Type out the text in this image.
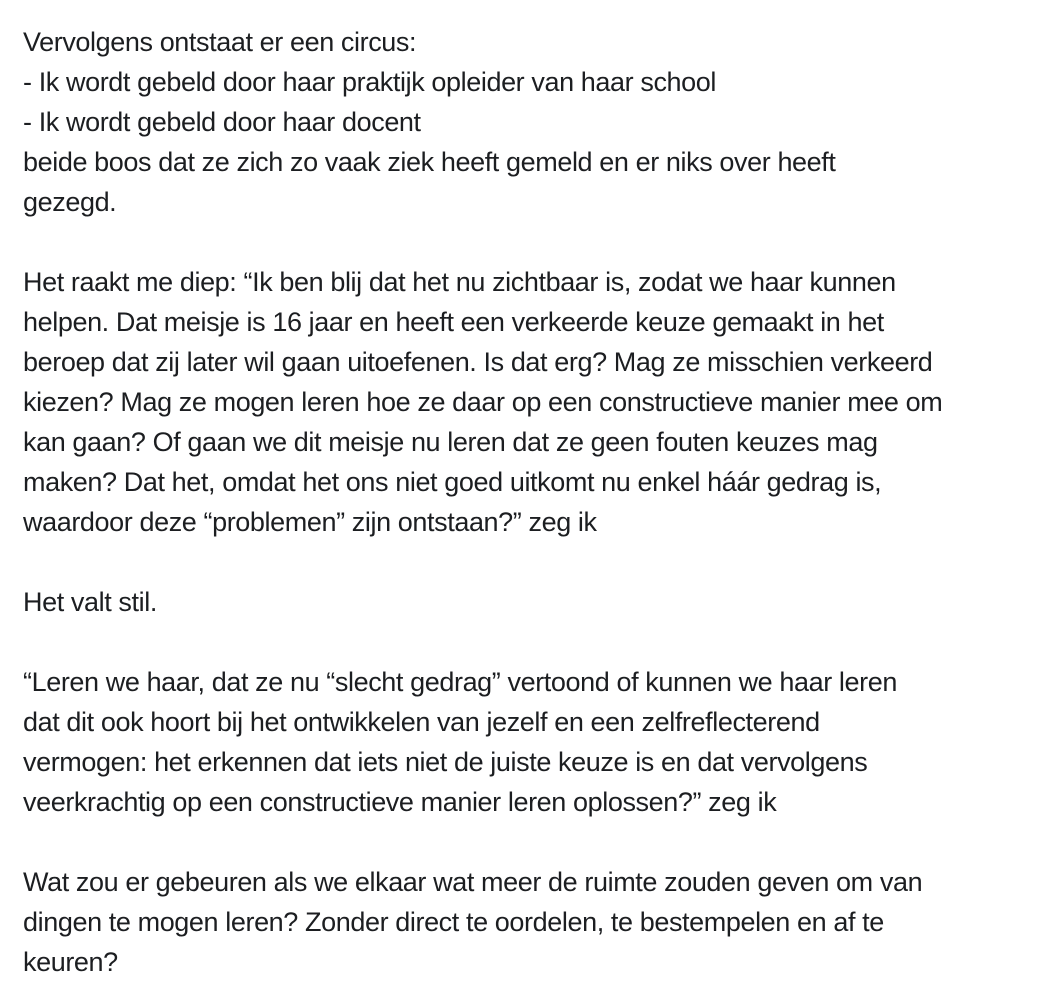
Vervolgens ontstaat er een circus:
- Ik wordt gebeld door haar praktijk opleider van haar school
- Ik wordt gebeld door haar docent
beide boos dat ze zich zo vaak ziek heeft gemeld en er niks over heeft
gezegd.
Het raakt me diep: “Ik ben blij dat het nu zichtbaar is, zodat we haar kunnen
helpen. Dat meisje is 16 jaar en heeft een verkeerde keuze gemaakt in het
beroep dat zij later wil gaan uitoefenen. Is dat erg? Mag ze misschien verkeerd
kiezen? Mag ze mogen leren hoe ze daar op een constructieve manier mee om
kan gaan? Of gaan we dit meisje nu leren dat ze geen fouten keuzes mag
maken? Dat het, omdat het ons niet goed uitkomt nu enkel háár gedrag is,
waardoor deze “problemen” zijn ontstaan?” zeg ik
Het valt stil.
“Leren we haar, dat ze nu “slecht gedrag” vertoond of kunnen we haar leren
dat dit ook hoort bij het ontwikkelen van jezelf en een zelfreflecterend
vermogen: het erkennen dat iets niet de juiste keuze is en dat vervolgens
veerkrachtig op een constructieve manier leren oplossen?” zeg ik
Wat zou er gebeuren als we elkaar wat meer de ruimte zouden geven om van
dingen te mogen leren? Zonder direct te oordelen, te bestempelen en af te
keuren?
